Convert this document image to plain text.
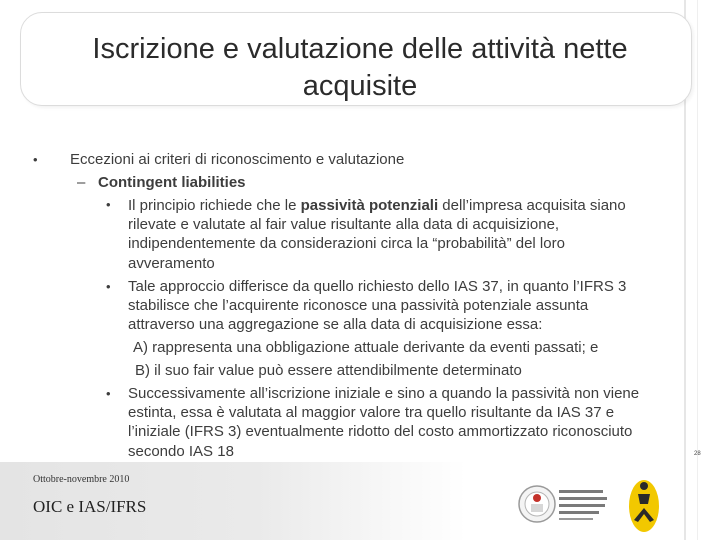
Iscrizione e valutazione delle attività nette
acquisite
• Eccezioni ai criteri di riconoscimento e valutazione
– Contingent liabilities
• Il principio richiede che le passività potenziali dell’impresa acquisita siano
rilevate e valutate al fair value risultante alla data di acquisizione,
indipendentemente da considerazioni circa la “probabilità” del loro
avveramento
• Tale approccio differisce da quello richiesto dello IAS 37, in quanto l’IFRS 3
stabilisce che l’acquirente riconosce una passività potenziale assunta
attraverso una aggregazione se alla data di acquisizione essa:
A) rappresenta una obbligazione attuale derivante da eventi passati; e
B) il suo fair value può essere attendibilmente determinato
• Successivamente all’iscrizione iniziale e sino a quando la passività non viene
estinta, essa è valutata al maggior valore tra quello risultante da IAS 37 e
l’iniziale (IFRS 3) eventualmente ridotto del costo ammortizzato riconosciuto
secondo IAS 18	28
Ottobre-novembre 2010
OIC e IAS/IFRS
